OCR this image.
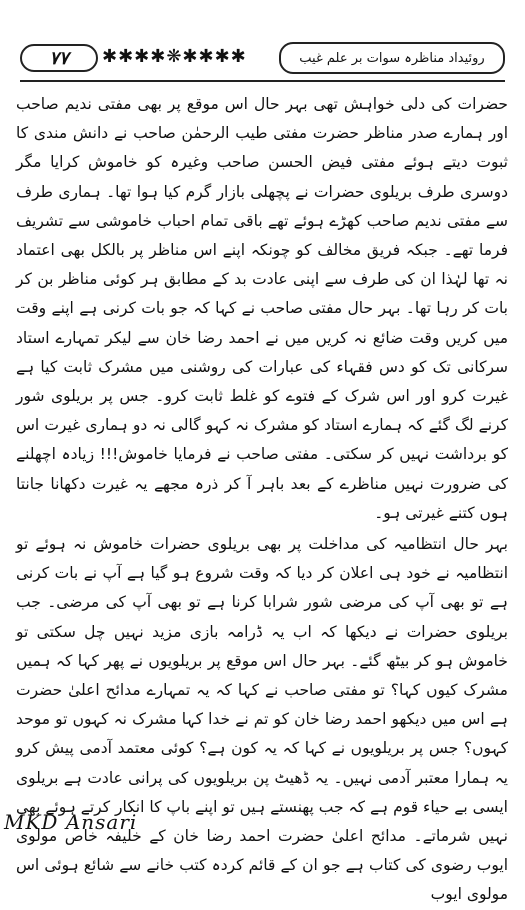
۷۷	✱✱✱✱❋✱✱✱✱	روئیداد مناظرہ سوات بر علم غیب

حضرات کی دلی خواہش تھی بہر حال اس موقع پر بھی مفتی ندیم صاحب اور ہمارے صدر مناظر حضرت مفتی طیب الرحمٰن صاحب نے دانش مندی کا ثبوت دیتے ہوئے مفتی فیض الحسن صاحب وغیرہ کو خاموش کرایا مگر دوسری طرف بریلوی حضرات نے پچھلی بازار گرم کیا ہوا تھا۔ ہماری طرف سے مفتی ندیم صاحب کھڑے ہوئے تھے باقی تمام احباب خاموشی سے تشریف فرما تھے۔ جبکہ فریق مخالف کو چونکہ اپنے اس مناظر پر بالکل بھی اعتماد نہ تھا لہٰذا ان کی طرف سے اپنی عادت بد کے مطابق ہر کوئی مناظر بن کر بات کر رہا تھا۔ بہر حال مفتی صاحب نے کہا کہ جو بات کرنی ہے اپنے وقت میں کریں وقت ضائع نہ کریں میں نے احمد رضا خان سے لیکر تمہارے استاد سرکانی تک کو دس فقہاء کی عبارات کی روشنی میں مشرک ثابت کیا ہے غیرت کرو اور اس شرک کے فتوے کو غلط ثابت کرو۔ جس پر بریلوی شور کرنے لگ گئے کہ ہمارے استاد کو مشرک نہ کہو گالی نہ دو ہماری غیرت اس کو برداشت نہیں کر سکتی۔ مفتی صاحب نے فرمایا خاموش!!! زیادہ اچھلنے کی ضرورت نہیں مناظرے کے بعد باہر آ کر ذرہ مجھے یہ غیرت دکھانا جانتا ہوں کتنے غیرتی ہو۔

بہر حال انتظامیہ کی مداخلت پر بھی بریلوی حضرات خاموش نہ ہوئے تو انتظامیہ نے خود ہی اعلان کر دیا کہ وقت شروع ہو گیا ہے آپ نے بات کرنی ہے تو بھی آپ کی مرضی شور شرابا کرنا ہے تو بھی آپ کی مرضی۔ جب بریلوی حضرات نے دیکھا کہ اب یہ ڈرامہ بازی مزید نہیں چل سکتی تو خاموش ہو کر بیٹھ گئے۔ بہر حال اس موقع پر بریلویوں نے پھر کہا کہ ہمیں مشرک کیوں کہا؟ تو مفتی صاحب نے کہا کہ یہ تمہارے مدائح اعلیٰ حضرت ہے اس میں دیکھو احمد رضا خان کو تم نے خدا کہا مشرک نہ کہوں تو موحد کہوں؟ جس پر بریلویوں نے کہا کہ یہ کون ہے؟ کوئی معتمد آدمی پیش کرو یہ ہمارا معتبر آدمی نہیں۔ یہ ڈھیٹ پن بریلویوں کی پرانی عادت ہے بریلوی ایسی بے حیاء قوم ہے کہ جب پھنستے ہیں تو اپنے باپ کا انکار کرتے ہوئے بھی نہیں شرماتے۔ مدائح اعلیٰ حضرت احمد رضا خان کے خلیفہ خاص مولوی ایوب رضوی کی کتاب ہے جو ان کے قائم کردہ کتب خانے سے شائع ہوئی اس مولوی ایوب

MKD Ansari
